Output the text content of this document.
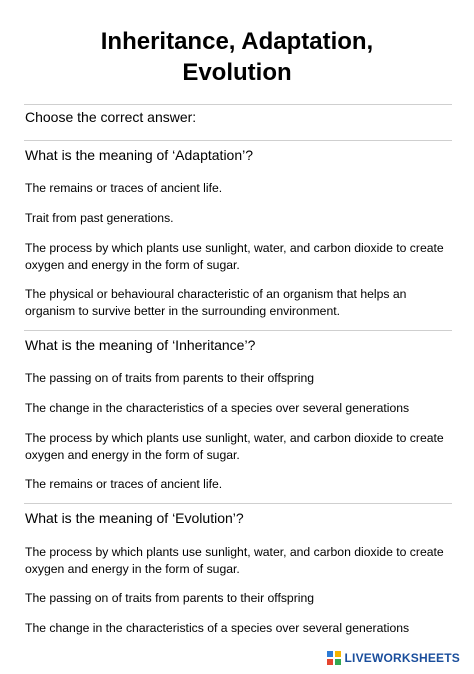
Inheritance, Adaptation,
Evolution
Choose the correct answer:
What is the meaning of ‘Adaptation’?
The remains or traces of ancient life.
Trait from past generations.
The process by which plants use sunlight, water, and carbon dioxide to create oxygen and energy in the form of sugar.
The physical or behavioural characteristic of an organism that helps an organism to survive better in the surrounding environment.
What is the meaning of ‘Inheritance’?
The passing on of traits from parents to their offspring
The change in the characteristics of a species over several generations
The process by which plants use sunlight, water, and carbon dioxide to create oxygen and energy in the form of sugar.
The remains or traces of ancient life.
What is the meaning of ‘Evolution’?
The process by which plants use sunlight, water, and carbon dioxide to create oxygen and energy in the form of sugar.
The passing on of traits from parents to their offspring
The change in the characteristics of a species over several generations
LIVEWORKSHEETS
